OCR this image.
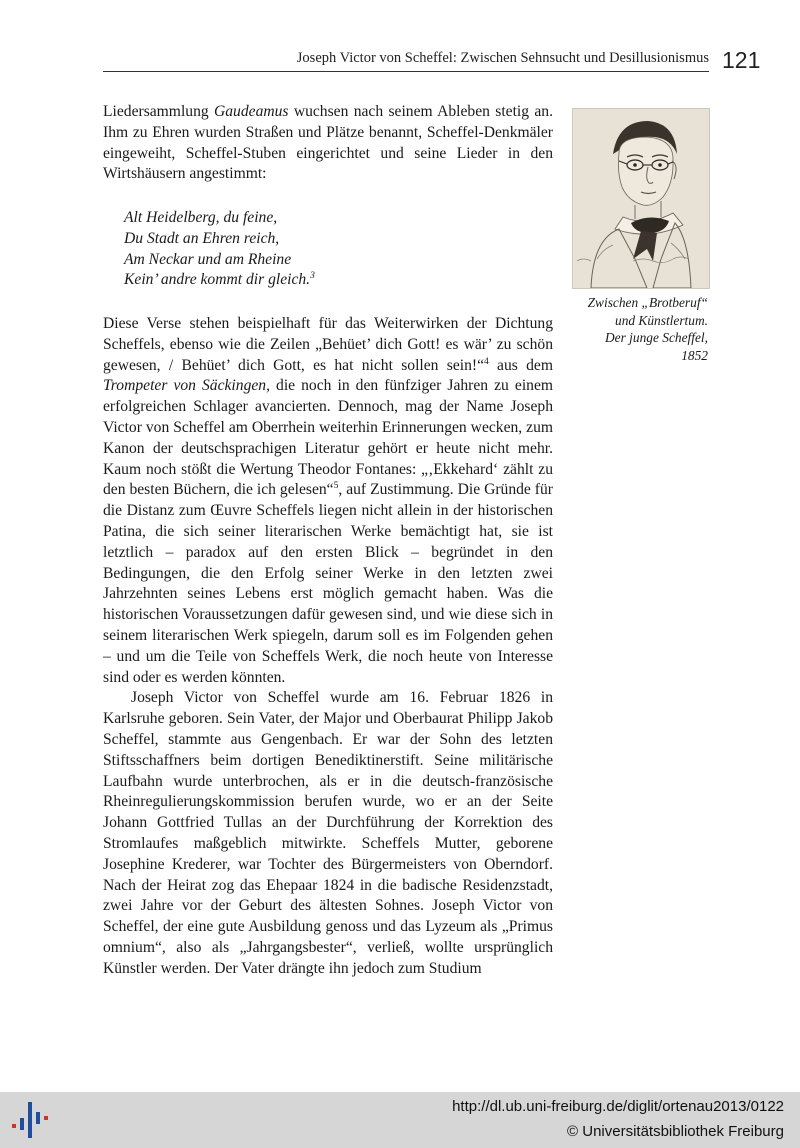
Joseph Victor von Scheffel: Zwischen Sehnsucht und Desillusionismus 121

Liedersammlung Gaudeamus wuchsen nach seinem Ableben stetig an. Ihm zu Ehren wurden Straßen und Plätze benannt, Scheffel-Denkmäler eingeweiht, Scheffel-Stuben eingerichtet und seine Lieder in den Wirtshäusern angestimmt:

Alt Heidelberg, du feine,
Du Stadt an Ehren reich,
Am Neckar und am Rheine
Kein’ andre kommt dir gleich.$^3$

Diese Verse stehen beispielhaft für das Weiterwirken der Dichtung Scheffels, ebenso wie die Zeilen „Behüet’ dich Gott! es wär’ zu schön gewesen, / Behüet’ dich Gott, es hat nicht sollen sein!“$^4$ aus dem Trompeter von Säckingen, die noch in den fünfziger Jahren zu einem erfolgreichen Schlager avancierten. Dennoch, mag der Name Joseph Victor von Scheffel am Oberrhein weiterhin Erinnerungen wecken, zum Kanon der deutschsprachigen Literatur gehört er heute nicht mehr. Kaum noch stößt die Wertung Theodor Fontanes: „‚Ekkehard‘ zählt zu den besten Büchern, die ich gelesen“$^5$, auf Zustimmung. Die Gründe für die Distanz zum Œuvre Scheffels liegen nicht allein in der historischen Patina, die sich seiner literarischen Werke bemächtigt hat, sie ist letztlich – paradox auf den ersten Blick – begründet in den Bedingungen, die den Erfolg seiner Werke in den letzten zwei Jahrzehnten seines Lebens erst möglich gemacht haben. Was die historischen Voraussetzungen dafür gewesen sind, und wie diese sich in seinem literarischen Werk spiegeln, darum soll es im Folgenden gehen – und um die Teile von Scheffels Werk, die noch heute von Interesse sind oder es werden könnten.

Joseph Victor von Scheffel wurde am 16. Februar 1826 in Karlsruhe geboren. Sein Vater, der Major und Oberbaurat Philipp Jakob Scheffel, stammte aus Gengenbach. Er war der Sohn des letzten Stiftsschaffners beim dortigen Benediktinerstift. Seine militärische Laufbahn wurde unterbrochen, als er in die deutsch-französische Rheinregulierungskommission berufen wurde, wo er an der Seite Johann Gottfried Tullas an der Durchführung der Korrektion des Stromlaufes maßgeblich mitwirkte. Scheffels Mutter, geborene Josephine Krederer, war Tochter des Bürgermeisters von Oberndorf. Nach der Heirat zog das Ehepaar 1824 in die badische Residenzstadt, zwei Jahre vor der Geburt des ältesten Sohnes. Joseph Victor von Scheffel, der eine gute Ausbildung genoss und das Lyzeum als „Primus omnium“, also als „Jahrgangsbester“, verließ, wollte ursprünglich Künstler werden. Der Vater drängte ihn jedoch zum Studium

Zwischen „Brotberuf“
und Künstlertum.
Der junge Scheffel,
1852
http://dl.ub.uni-freiburg.de/diglit/ortenau2013/0122
© Universitätsbibliothek Freiburg
